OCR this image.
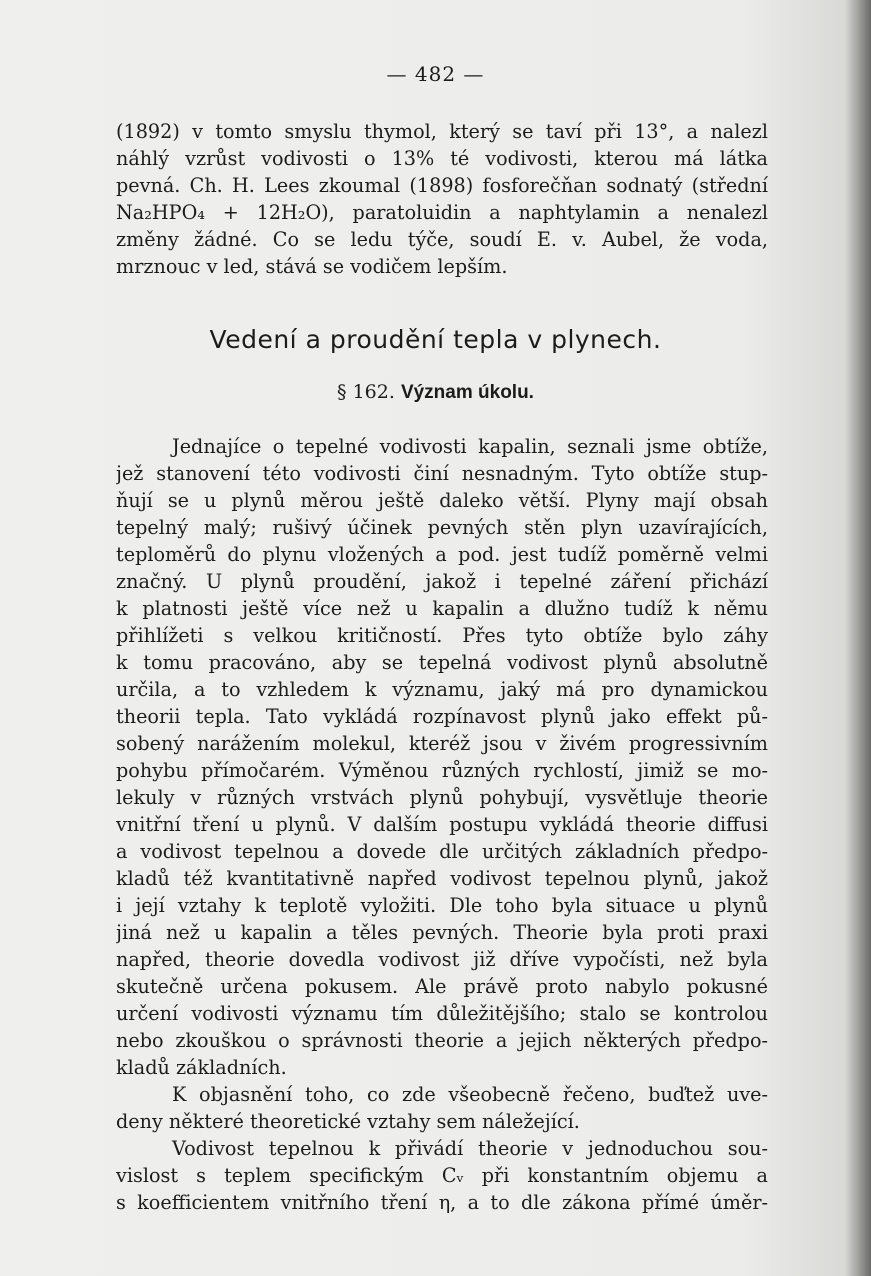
— 482 —
(1892) v tomto smyslu thymol, který se taví při 13°, a nalezl
náhlý vzrůst vodivosti o 13% té vodivosti, kterou má látka
pevná. Ch. H. Lees zkoumal (1898) fosforečňan sodnatý (střední
Na₂HPO₄ + 12H₂O), paratoluidin a naphtylamin a nenalezl
změny žádné. Co se ledu týče, soudí E. v. Aubel, že voda,
mrznouc v led, stává se vodičem lepším.
Vedení a proudění tepla v plynech.
§ 162. Význam úkolu.
Jednajíce o tepelné vodivosti kapalin, seznali jsme obtíže,
jež stanovení této vodivosti činí nesnadným. Tyto obtíže stup-
ňují se u plynů měrou ještě daleko větší. Plyny mají obsah
tepelný malý; rušivý účinek pevných stěn plyn uzavírajících,
teploměrů do plynu vložených a pod. jest tudíž poměrně velmi
značný. U plynů proudění, jakož i tepelné záření přichází
k platnosti ještě více než u kapalin a dlužno tudíž k němu
přihlížeti s velkou kritičností. Přes tyto obtíže bylo záhy
k tomu pracováno, aby se tepelná vodivost plynů absolutně
určila, a to vzhledem k významu, jaký má pro dynamickou
theorii tepla. Tato vykládá rozpínavost plynů jako effekt pů-
sobený narážením molekul, kteréž jsou v živém progressivním
pohybu přímočarém. Výměnou různých rychlostí, jimiž se mo-
lekuly v různých vrstvách plynů pohybují, vysvětluje theorie
vnitřní tření u plynů. V dalším postupu vykládá theorie diffusi
a vodivost tepelnou a dovede dle určitých základních předpo-
kladů též kvantitativně napřed vodivost tepelnou plynů, jakož
i její vztahy k teplotě vyložiti. Dle toho byla situace u plynů
jiná než u kapalin a těles pevných. Theorie byla proti praxi
napřed, theorie dovedla vodivost již dříve vypočísti, než byla
skutečně určena pokusem. Ale právě proto nabylo pokusné
určení vodivosti významu tím důležitějšího; stalo se kontrolou
nebo zkouškou o správnosti theorie a jejich některých předpo-
kladů základních.
K objasnění toho, co zde všeobecně řečeno, buďtež uve-
deny některé theoretické vztahy sem náležející.
Vodivost tepelnou k přivádí theorie v jednoduchou sou-
vislost s teplem specifickým Cᵥ při konstantním objemu a
s koefficientem vnitřního tření η, a to dle zákona přímé úměr-
